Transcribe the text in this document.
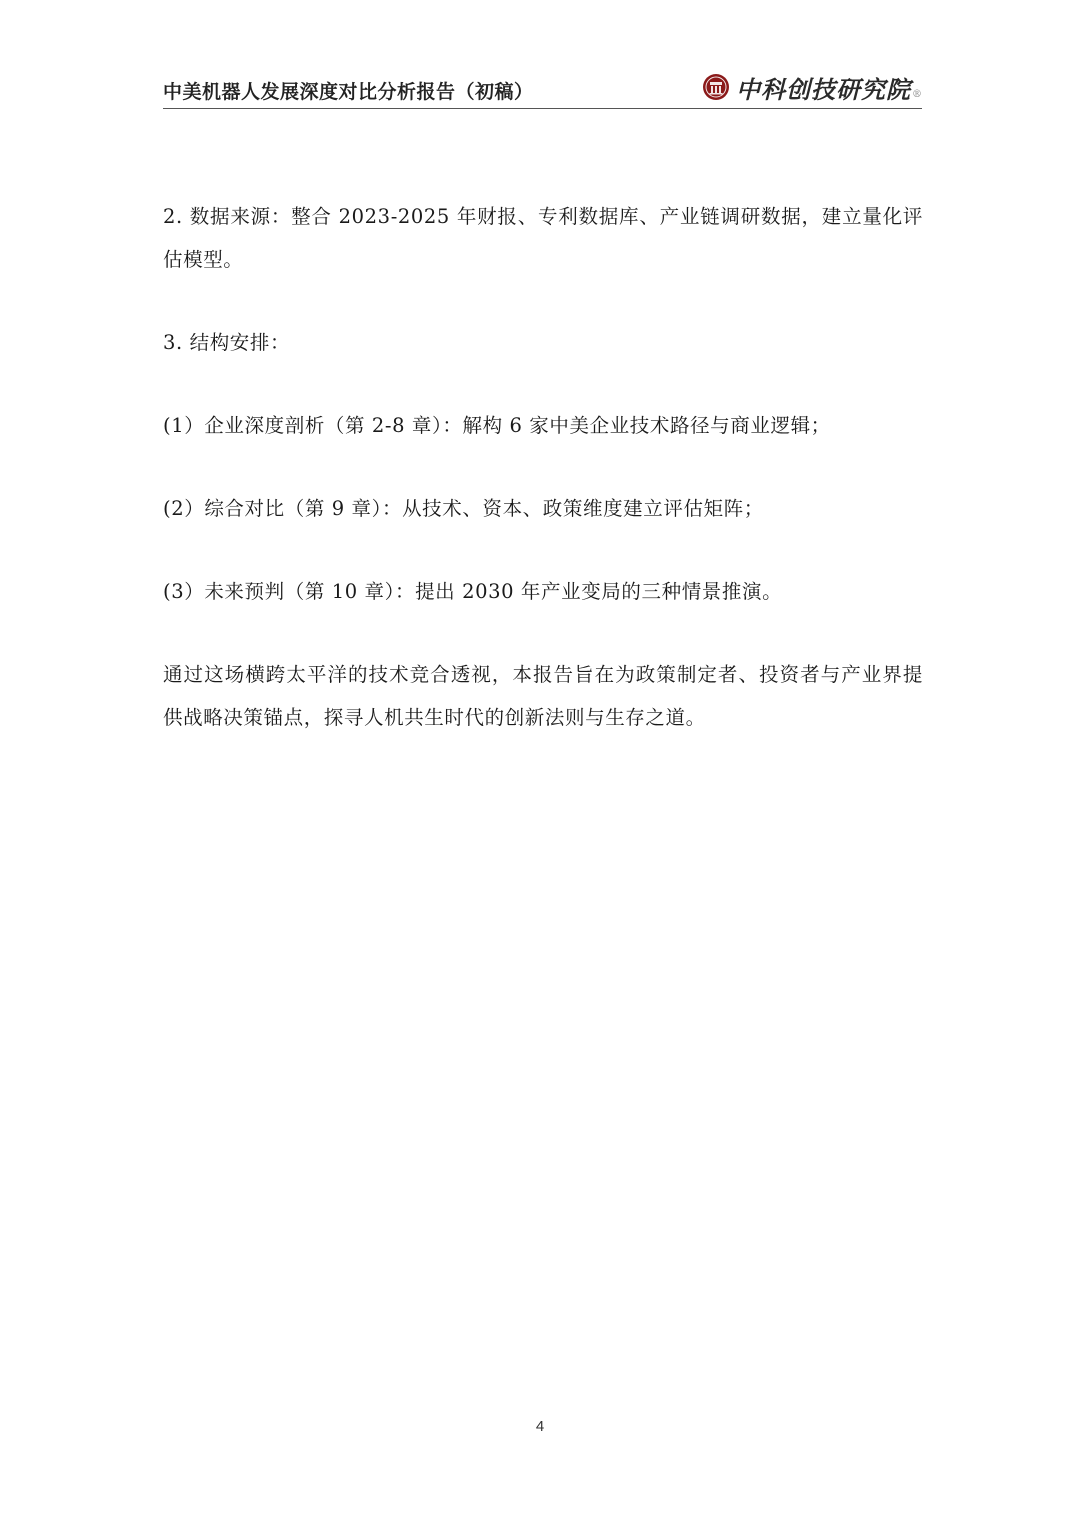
中美机器人发展深度对比分析报告（初稿）	中科创技研究院 ®

2. 数据来源：整合 2023-2025 年财报、专利数据库、产业链调研数据，建立量化评估模型。

3. 结构安排：

(1）企业深度剖析（第 2-8 章）：解构 6 家中美企业技术路径与商业逻辑；

(2）综合对比（第 9 章）：从技术、资本、政策维度建立评估矩阵；

(3）未来预判（第 10 章）：提出 2030 年产业变局的三种情景推演。

通过这场横跨太平洋的技术竞合透视，本报告旨在为政策制定者、投资者与产业界提供战略决策锚点，探寻人机共生时代的创新法则与生存之道。

4
